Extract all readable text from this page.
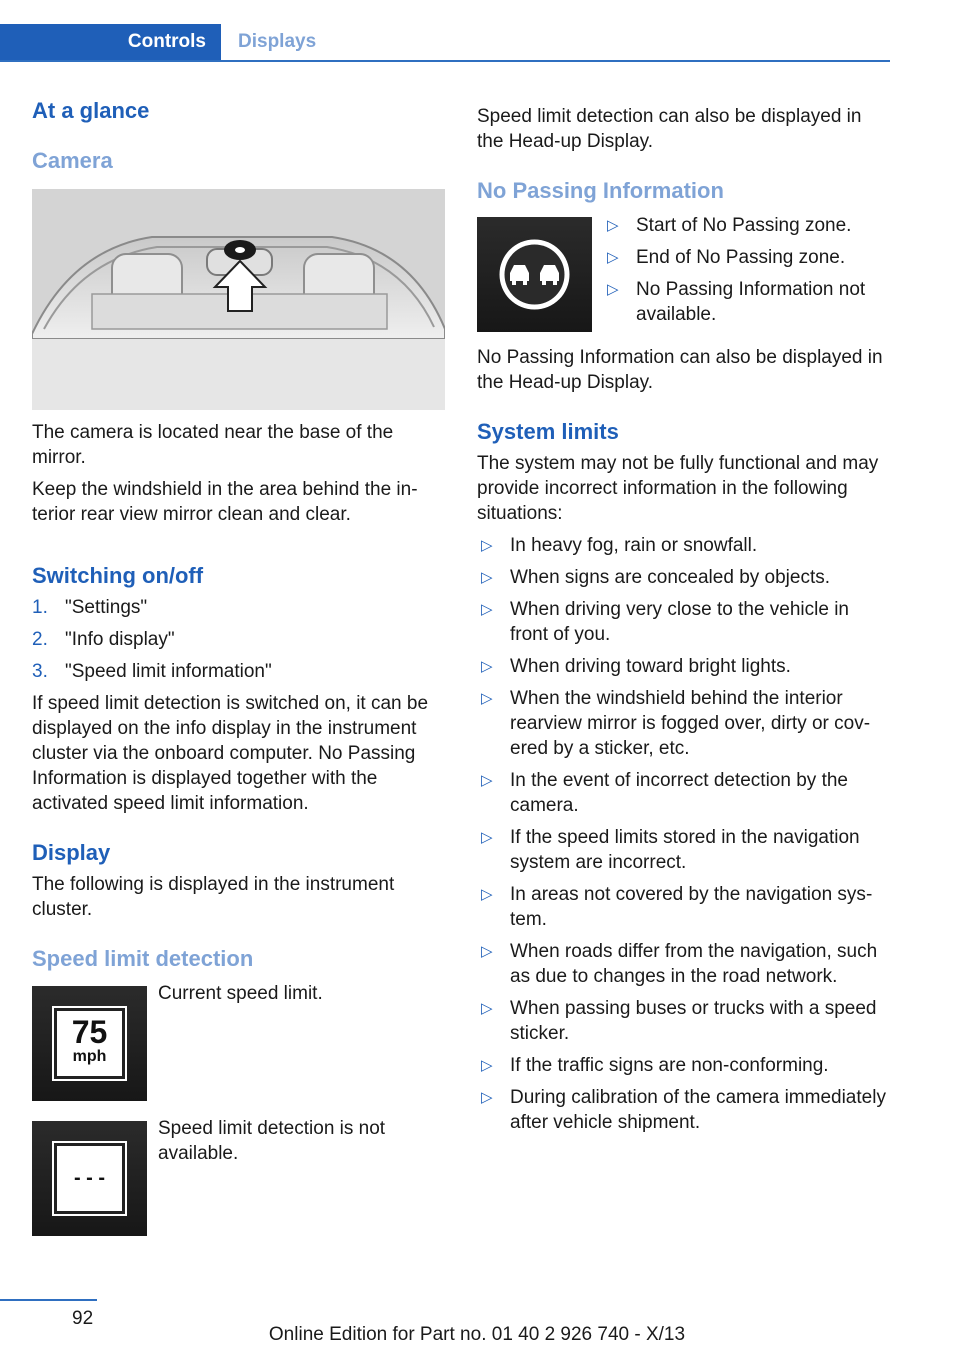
Controls	Displays
At a glance
Camera

The camera is located near the base of the mirror.

Keep the windshield in the area behind the interior rear view mirror clean and clear.

Switching on/off
1. "Settings"
2. "Info display"
3. "Speed limit information"

If speed limit detection is switched on, it can be displayed on the info display in the instrument cluster via the onboard computer. No Passing Information is displayed together with the activated speed limit information.

Display

The following is displayed in the instrument cluster.

Speed limit detection
75
mph

Current speed limit.

- - -

Speed limit detection is not available.

Speed limit detection can also be displayed in the Head-up Display.

No Passing Information
▷ Start of No Passing zone.
▷ End of No Passing zone.
▷ No Passing Information not available.

No Passing Information can also be displayed in the Head-up Display.

System limits

The system may not be fully functional and may provide incorrect information in the following situations:

▷ In heavy fog, rain or snowfall.
▷ When signs are concealed by objects.
▷ When driving very close to the vehicle in front of you.
▷ When driving toward bright lights.
▷ When the windshield behind the interior rearview mirror is fogged over, dirty or covered by a sticker, etc.
▷ In the event of incorrect detection by the camera.
▷ If the speed limits stored in the navigation system are incorrect.
▷ In areas not covered by the navigation system.
▷ When roads differ from the navigation, such as due to changes in the road network.
▷ When passing buses or trucks with a speed sticker.
▷ If the traffic signs are non-conforming.
▷ During calibration of the camera immediately after vehicle shipment.
92
Online Edition for Part no. 01 40 2 926 740 - X/13
